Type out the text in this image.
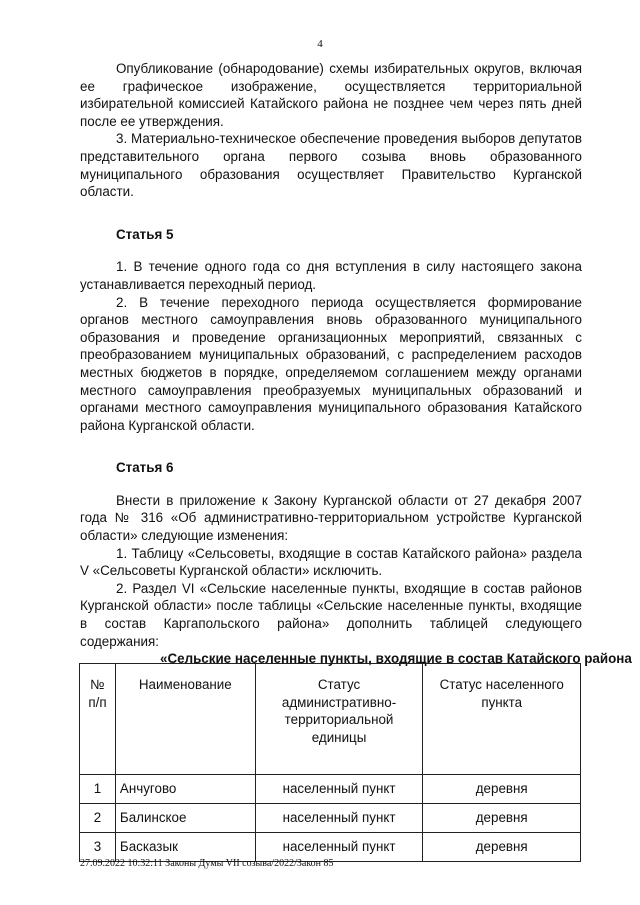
4

Опубликование (обнародование) схемы избирательных округов, включая ее графическое изображение, осуществляется территориальной избирательной комиссией Катайского района не позднее чем через пять дней после ее утверждения.

3. Материально-техническое обеспечение проведения выборов депутатов представительного органа первого созыва вновь образованного муниципального образования осуществляет Правительство Курганской области.

Статья 5

1. В течение одного года со дня вступления в силу настоящего закона устанавливается переходный период.

2. В течение переходного периода осуществляется формирование органов местного самоуправления вновь образованного муниципального образования и проведение организационных мероприятий, связанных с преобразованием муниципальных образований, с распределением расходов местных бюджетов в порядке, определяемом соглашением между органами местного самоуправления преобразуемых муниципальных образований и органами местного самоуправления муниципального образования Катайского района Курганской области.

Статья 6

Внести в приложение к Закону Курганской области от 27 декабря 2007 года № 316 «Об административно-территориальном устройстве Курганской области» следующие изменения:

1. Таблицу «Сельсоветы, входящие в состав Катайского района» раздела V «Сельсоветы Курганской области» исключить.

2. Раздел VI «Сельские населенные пункты, входящие в состав районов Курганской области» после таблицы «Сельские населенные пункты, входящие в состав Каргапольского района» дополнить таблицей следующего содержания:

«Сельские населенные пункты, входящие в состав Катайского района

№ п/п	Наименование	Статус административно-территориальной единицы	Статус населенного пункта
1	Анчугово	населенный пункт	деревня
2	Балинское	населенный пункт	деревня
3	Басказык	населенный пункт	деревня
27.09.2022 10:32:11 Законы Думы VII созыва/2022/Закон 85
